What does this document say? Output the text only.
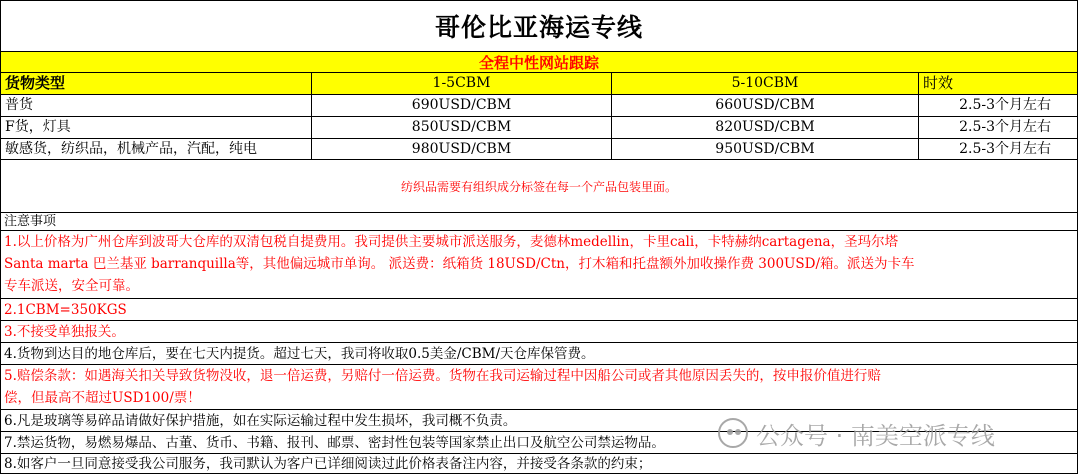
哥伦比亚海运专线
全程中性网站跟踪
货物类型	1-5CBM	5-10CBM	时效
普货	690USD/CBM	660USD/CBM	2.5-3个月左右
F货，灯具	850USD/CBM	820USD/CBM	2.5-3个月左右
敏感货，纺织品，机械产品，汽配，纯电	980USD/CBM	950USD/CBM	2.5-3个月左右
纺织品需要有组织成分标签在每一个产品包装里面。
注意事项
1.以上价格为广州仓库到波哥大仓库的双清包税自提费用。我司提供主要城市派送服务，麦德林medellin，卡里cali，卡特赫纳cartagena，圣玛尔塔
Santa marta 巴兰基亚 barranquilla等，其他偏远城市单询。 派送费：纸箱货 18USD/Ctn，打木箱和托盘额外加收操作费 300USD/箱。派送为卡车
专车派送，安全可靠。
2.1CBM=350KGS
3.不接受单独报关。
4.货物到达目的地仓库后，要在七天内提货。超过七天，我司将收取0.5美金/CBM/天仓库保管费。
5.赔偿条款：如遇海关扣关导致货物没收，退一倍运费，另赔付一倍运费。货物在我司运输过程中因船公司或者其他原因丢失的，按申报价值进行赔
偿，但最高不超过USD100/票！
6.凡是玻璃等易碎品请做好保护措施，如在实际运输过程中发生损坏，我司概不负责。
7.禁运货物，易燃易爆品、古董、货币、书籍、报刊、邮票、密封性包装等国家禁止出口及航空公司禁运物品。
8.如客户一旦同意接受我公司服务，我司默认为客户已详细阅读过此价格表备注内容，并接受各条款的约束；
公众号 · 南美空派专线
